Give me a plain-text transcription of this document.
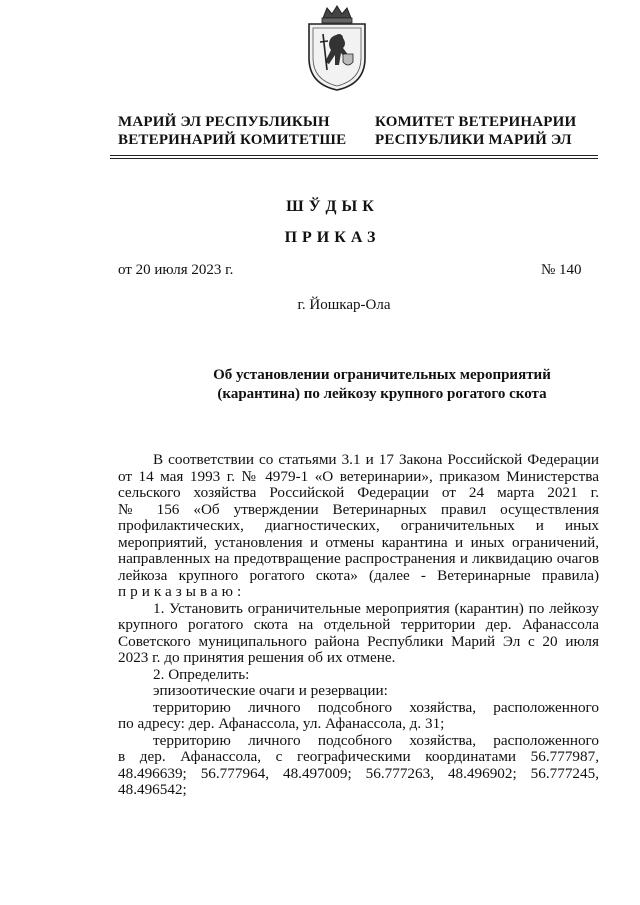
МАРИЙ ЭЛ РЕСПУБЛИКЫН
ВЕТЕРИНАРИЙ КОМИТЕТШЕ
КОМИТЕТ ВЕТЕРИНАРИИ
РЕСПУБЛИКИ МАРИЙ ЭЛ
ШЎДЫК
ПРИКАЗ
от 20 июля 2023 г.	№ 140
г. Йошкар-Ола
Об установлении ограничительных мероприятий
(карантина) по лейкозу крупного рогатого скота
В соответствии со статьями 3.1 и 17 Закона Российской Федерации
от 14 мая 1993 г. № 4979-1 «О ветеринарии», приказом Министерства
сельского хозяйства Российской Федерации от 24 марта 2021 г.
№ 156 «Об утверждении Ветеринарных правил осуществления
профилактических, диагностических, ограничительных и иных
мероприятий, установления и отмены карантина и иных ограничений,
направленных на предотвращение распространения и ликвидацию очагов
лейкоза крупного рогатого скота» (далее - Ветеринарные правила)
приказываю:
1. Установить ограничительные мероприятия (карантин) по лейкозу
крупного рогатого скота на отдельной территории дер. Афанассола
Советского муниципального района Республики Марий Эл с 20 июля
2023 г. до принятия решения об их отмене.
2. Определить:
эпизоотические очаги и резервации:
территорию личного подсобного хозяйства, расположенного
по адресу: дер. Афанассола, ул. Афанассола, д. 31;
территорию личного подсобного хозяйства, расположенного
в дер. Афанассола, с географическими координатами 56.777987,
48.496639; 56.777964, 48.497009; 56.777263, 48.496902; 56.777245,
48.496542;
